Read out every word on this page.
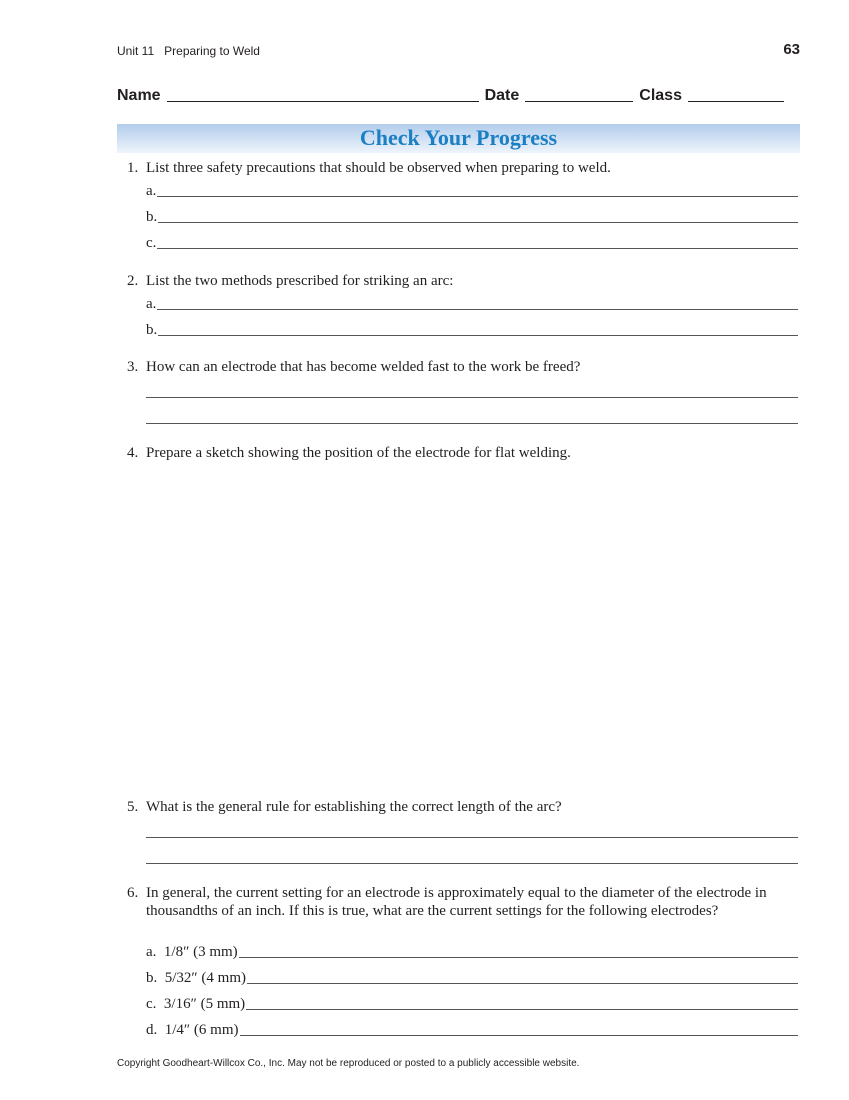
Unit 11 Preparing to Weld	63
Name	Date	Class
Check Your Progress
1. List three safety precautions that should be observed when preparing to weld.
a.
b.
c.
2. List the two methods prescribed for striking an arc:
a.
b.
3. How can an electrode that has become welded fast to the work be freed?
4. Prepare a sketch showing the position of the electrode for flat welding.
5. What is the general rule for establishing the correct length of the arc?
6. In general, the current setting for an electrode is approximately equal to the diameter of the electrode in thousandths of an inch. If this is true, what are the current settings for the following electrodes?
a.  1/8″ (3 mm)
b.  5/32″ (4 mm)
c.  3/16″ (5 mm)
d.  1/4″ (6 mm)
Copyright Goodheart-Willcox Co., Inc. May not be reproduced or posted to a publicly accessible website.
